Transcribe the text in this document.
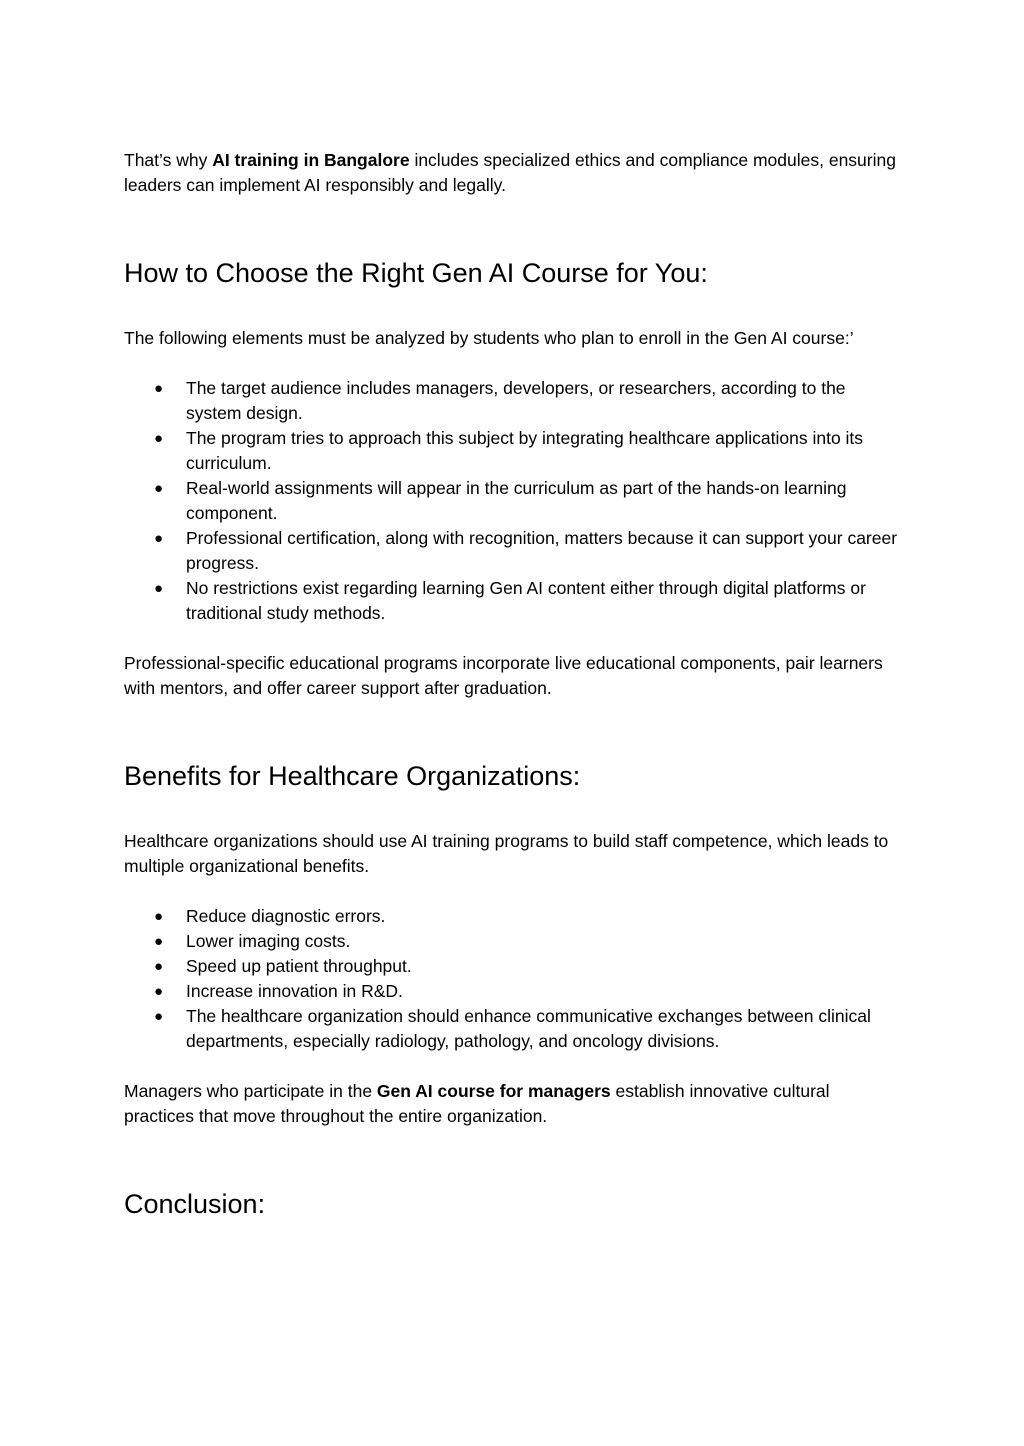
That’s why AI training in Bangalore includes specialized ethics and compliance modules, ensuring leaders can implement AI responsibly and legally.

How to Choose the Right Gen AI Course for You:

The following elements must be analyzed by students who plan to enroll in the Gen AI course:’

● The target audience includes managers, developers, or researchers, according to the system design.
● The program tries to approach this subject by integrating healthcare applications into its curriculum.
● Real-world assignments will appear in the curriculum as part of the hands-on learning component.
● Professional certification, along with recognition, matters because it can support your career progress.
● No restrictions exist regarding learning Gen AI content either through digital platforms or traditional study methods.

Professional-specific educational programs incorporate live educational components, pair learners with mentors, and offer career support after graduation.

Benefits for Healthcare Organizations:

Healthcare organizations should use AI training programs to build staff competence, which leads to multiple organizational benefits.

● Reduce diagnostic errors.
● Lower imaging costs.
● Speed up patient throughput.
● Increase innovation in R&D.
● The healthcare organization should enhance communicative exchanges between clinical departments, especially radiology, pathology, and oncology divisions.

Managers who participate in the Gen AI course for managers establish innovative cultural practices that move throughout the entire organization.

Conclusion:
